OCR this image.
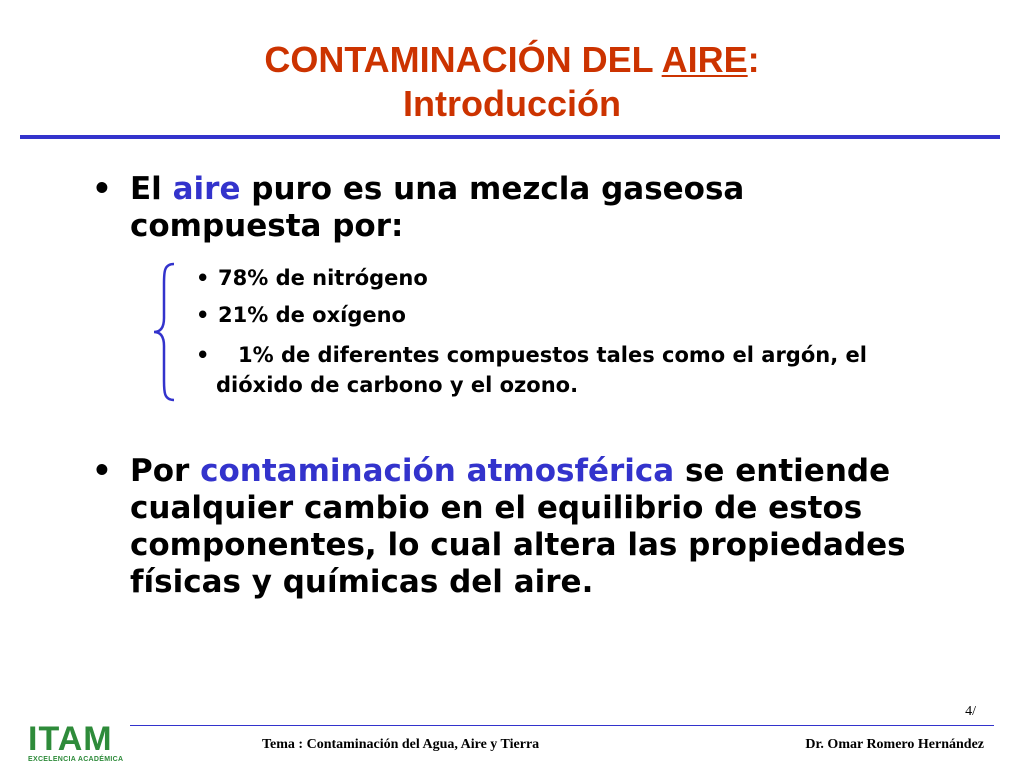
CONTAMINACIÓN DEL AIRE:
Introducción
• El aire puro es una mezcla gaseosa compuesta por:
• 78% de nitrógeno
• 21% de oxígeno
•	1% de diferentes compuestos tales como el argón, el dióxido de carbono y el ozono.
• Por contaminación atmosférica se entiende cualquier cambio en el equilibrio de estos componentes, lo cual altera las propiedades físicas y químicas del aire.
4/
ITAM
EXCELENCIA ACADÉMICA
Tema : Contaminación del Agua, Aire y Tierra	Dr. Omar Romero Hernández
